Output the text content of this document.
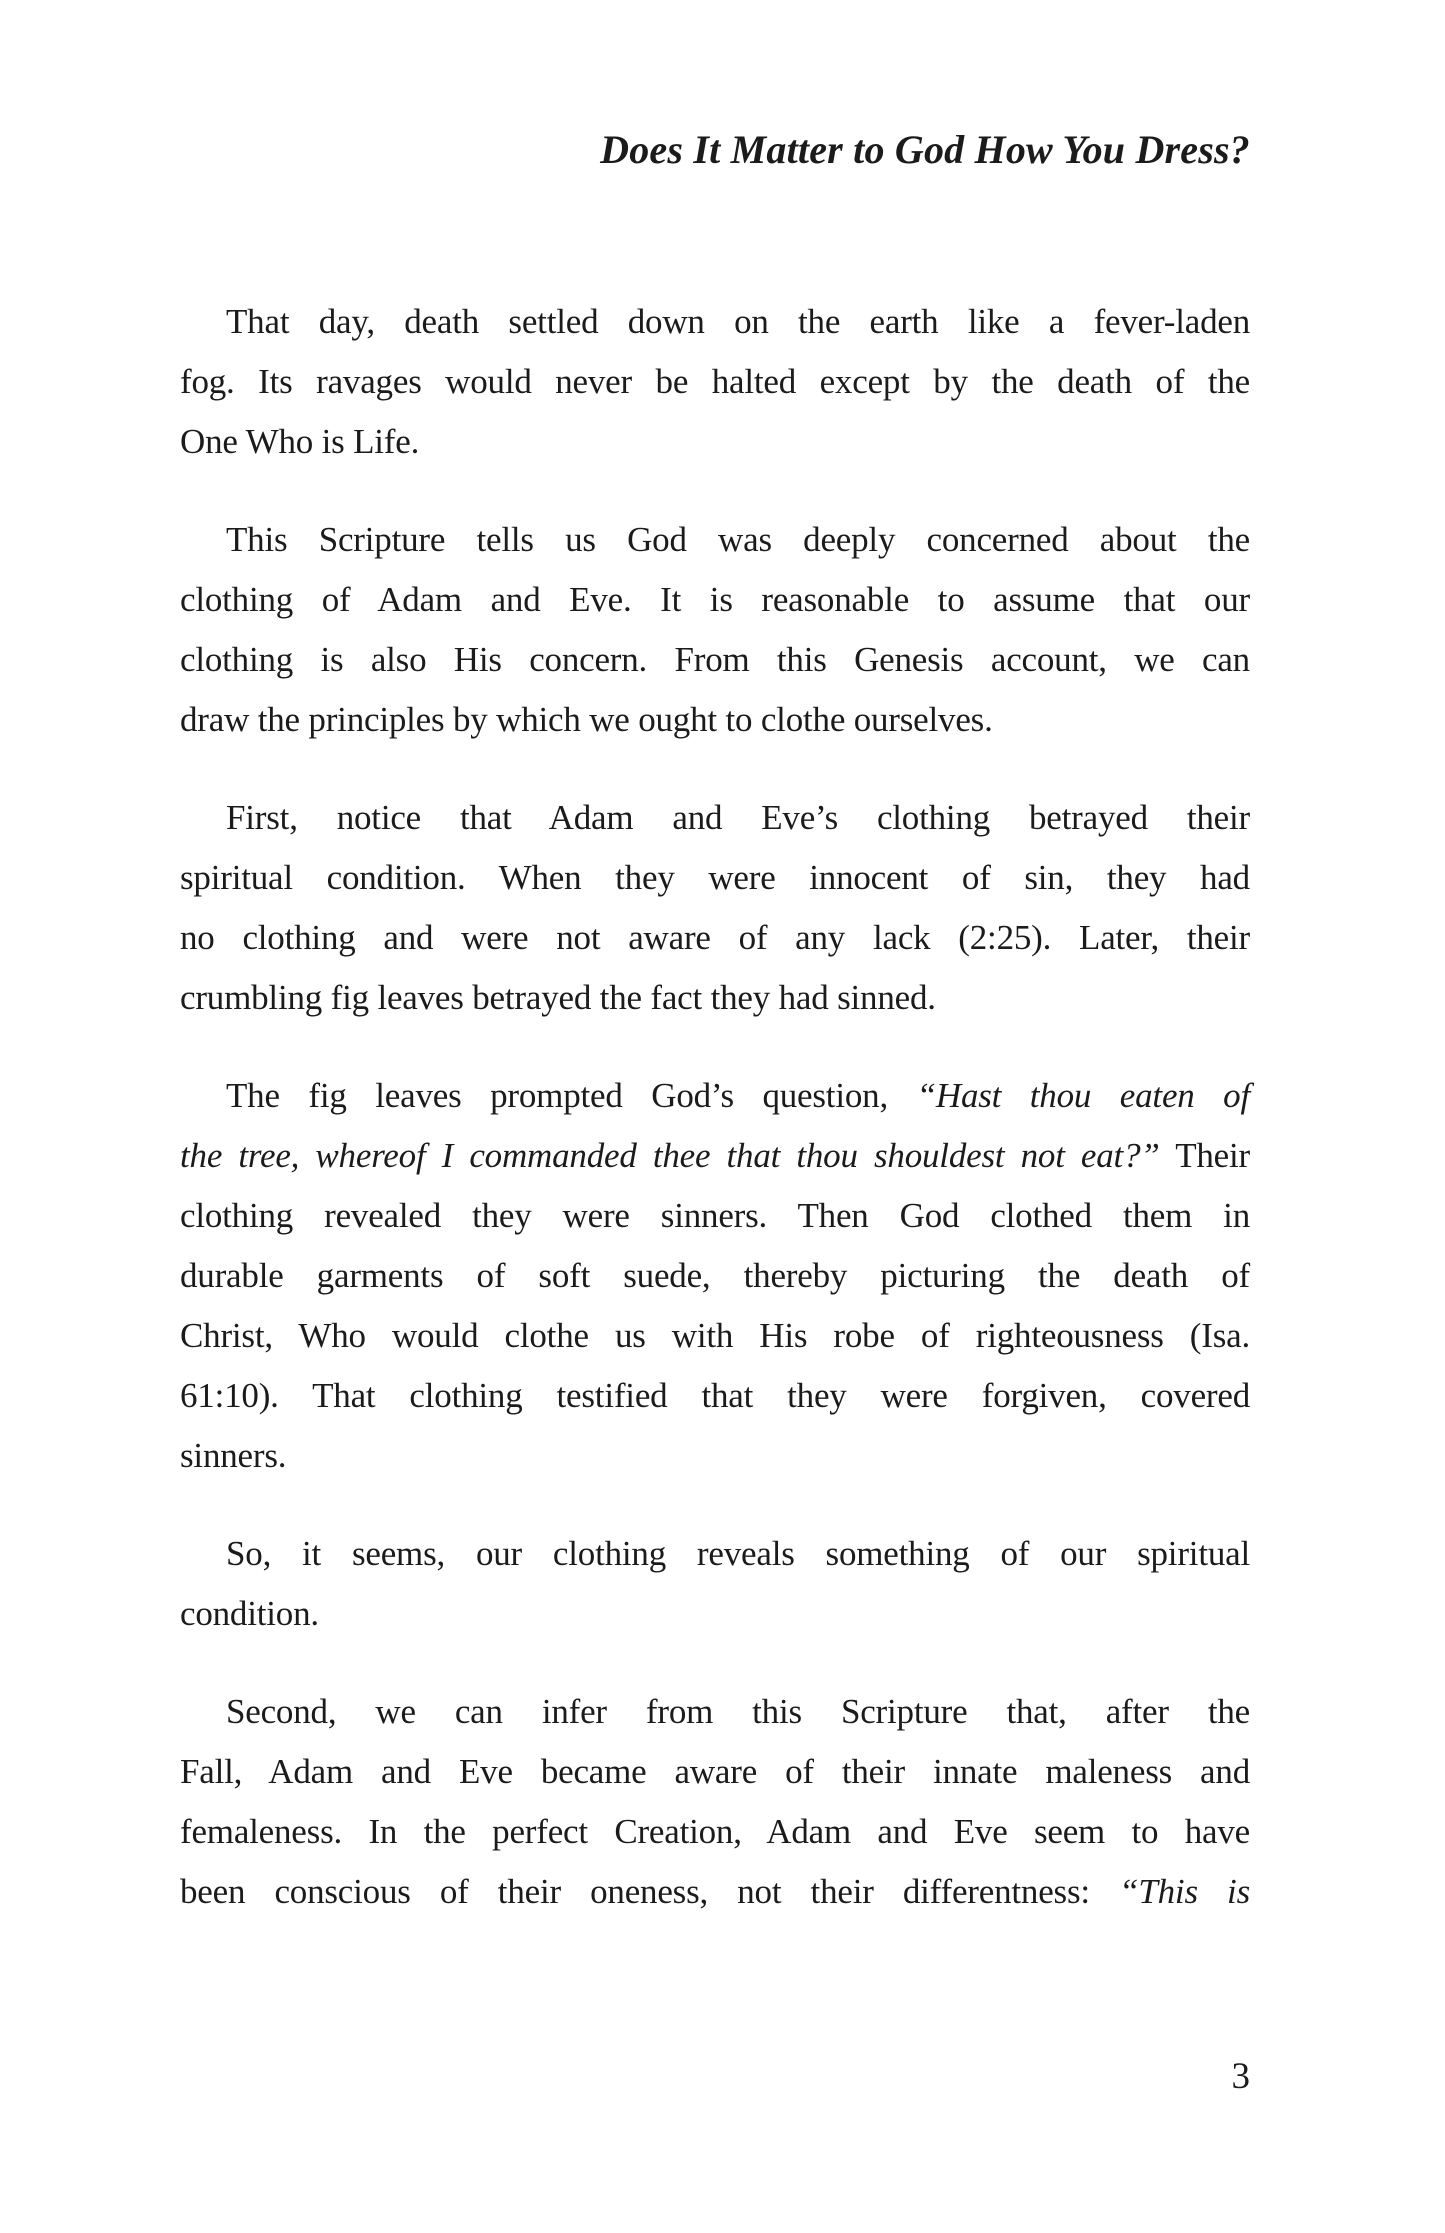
Does It Matter to God How You Dress?
That day, death settled down on the earth like a fever-laden
fog. Its ravages would never be halted except by the death of the
One Who is Life.
This Scripture tells us God was deeply concerned about the
clothing of Adam and Eve. It is reasonable to assume that our
clothing is also His concern. From this Genesis account, we can
draw the principles by which we ought to clothe ourselves.
First, notice that Adam and Eve’s clothing betrayed their
spiritual condition. When they were innocent of sin, they had
no clothing and were not aware of any lack (2:25). Later, their
crumbling fig leaves betrayed the fact they had sinned.
The fig leaves prompted God’s question, “Hast thou eaten of
the tree, whereof I commanded thee that thou shouldest not eat?” Their
clothing revealed they were sinners. Then God clothed them in
durable garments of soft suede, thereby picturing the death of
Christ, Who would clothe us with His robe of righteousness (Isa.
61:10). That clothing testified that they were forgiven, covered
sinners.
So, it seems, our clothing reveals something of our spiritual
condition.
Second, we can infer from this Scripture that, after the
Fall, Adam and Eve became aware of their innate maleness and
femaleness. In the perfect Creation, Adam and Eve seem to have
been conscious of their oneness, not their differentness: “This is
3
